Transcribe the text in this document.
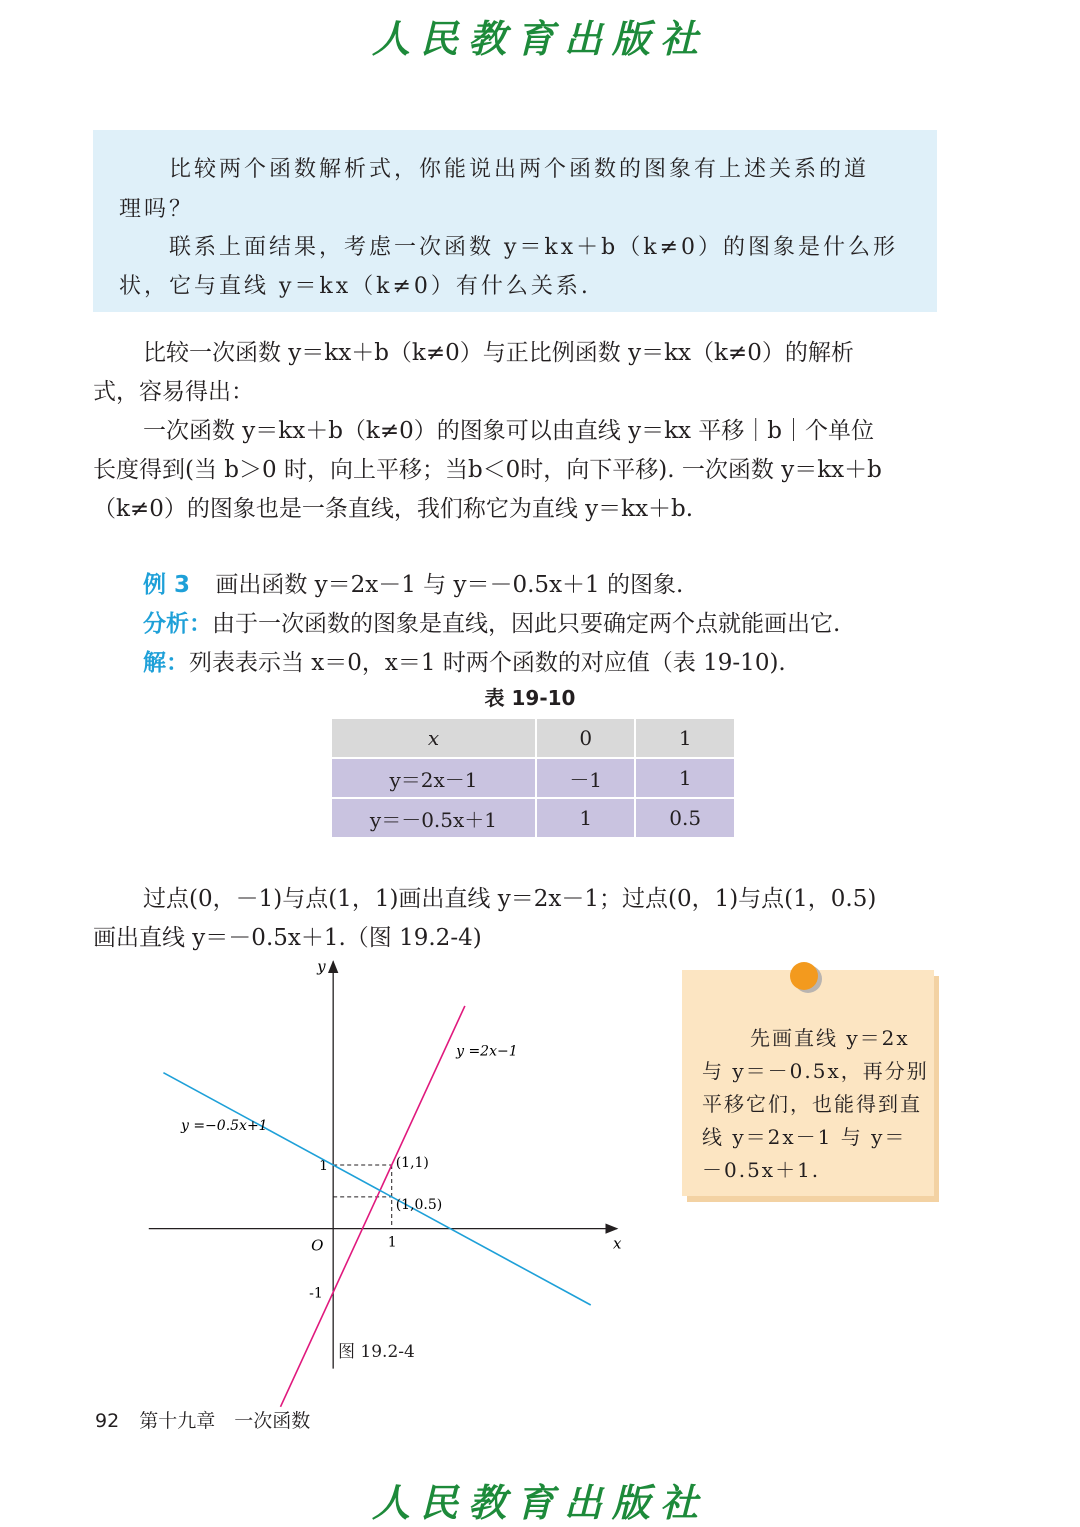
人民教育出版社
比较两个函数解析式，你能说出两个函数的图象有上述关系的道
理吗？
联系上面结果，考虑一次函数 y＝kx＋b（k≠0）的图象是什么形
状，它与直线 y＝kx（k≠0）有什么关系.
比较一次函数 y＝kx＋b（k≠0）与正比例函数 y＝kx（k≠0）的解析
式，容易得出：
一次函数 y＝kx＋b（k≠0）的图象可以由直线 y＝kx 平移｜b｜个单位
长度得到(当 b＞0 时，向上平移；当b＜0时，向下平移). 一次函数 y＝kx＋b
（k≠0）的图象也是一条直线，我们称它为直线 y＝kx＋b.
例 3 画出函数 y＝2x－1 与 y＝－0.5x＋1 的图象.
分析：由于一次函数的图象是直线，因此只要确定两个点就能画出它.
解：列表表示当 x＝0，x＝1 时两个函数的对应值（表 19-10).
表 19-10
x	0	1
y＝2x－1	－1	1
y＝－0.5x＋1	1	0.5
过点(0，－1)与点(1，1)画出直线 y＝2x－1；过点(0，1)与点(1，0.5)
画出直线 y＝－0.5x＋1.（图 19.2-4)
x
y
O	1
1
-1
y =2x−1
y =−0.5x+1
(1,1)
(1,0.5)
图 19.2-4
先画直线 y＝2x
与 y＝－0.5x，再分别
平移它们，也能得到直
线 y＝2x－1 与 y＝
－0.5x＋1.
92 第十九章　一次函数
人民教育出版社
